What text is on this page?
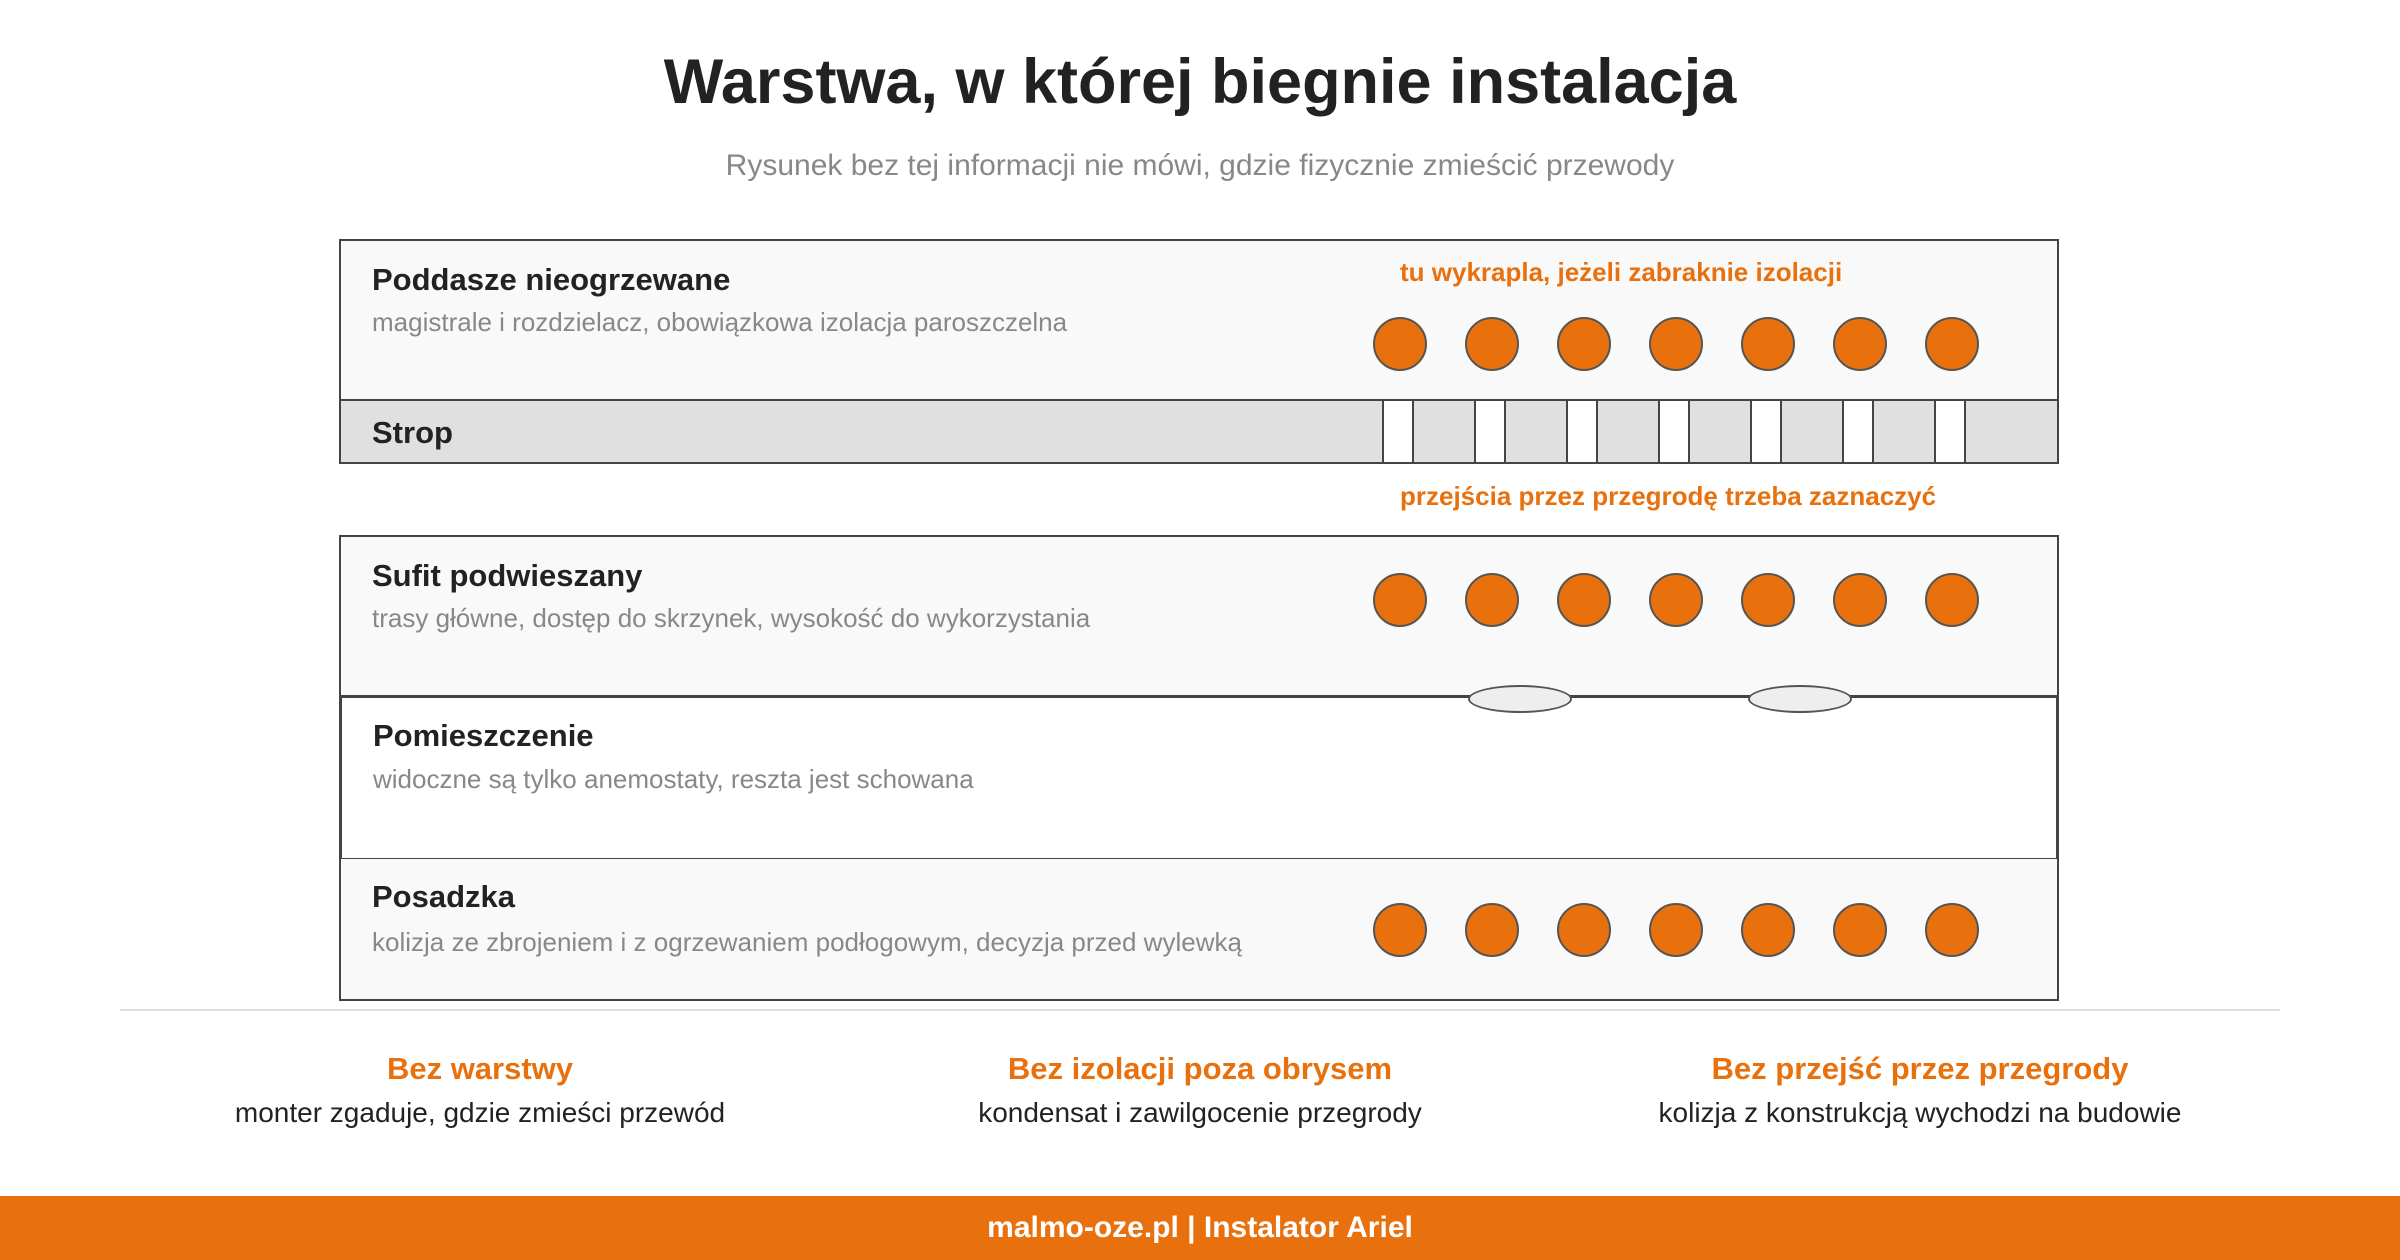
Warstwa, w której biegnie instalacja
Rysunek bez tej informacji nie mówi, gdzie fizycznie zmieścić przewody
Poddasze nieogrzewane
magistrale i rozdzielacz, obowiązkowa izolacja paroszczelna
Strop
Sufit podwieszany
trasy główne, dostęp do skrzynek, wysokość do wykorzystania
Pomieszczenie
widoczne są tylko anemostaty, reszta jest schowana
Posadzka
kolizja ze zbrojeniem i z ogrzewaniem podłogowym, decyzja przed wylewką
tu wykrapla, jeżeli zabraknie izolacji
przejścia przez przegrodę trzeba zaznaczyć
Bez warstwy
monter zgaduje, gdzie zmieści przewód
Bez izolacji poza obrysem
kondensat i zawilgocenie przegrody
Bez przejść przez przegrody
kolizja z konstrukcją wychodzi na budowie
malmo-oze.pl | Instalator Ariel
